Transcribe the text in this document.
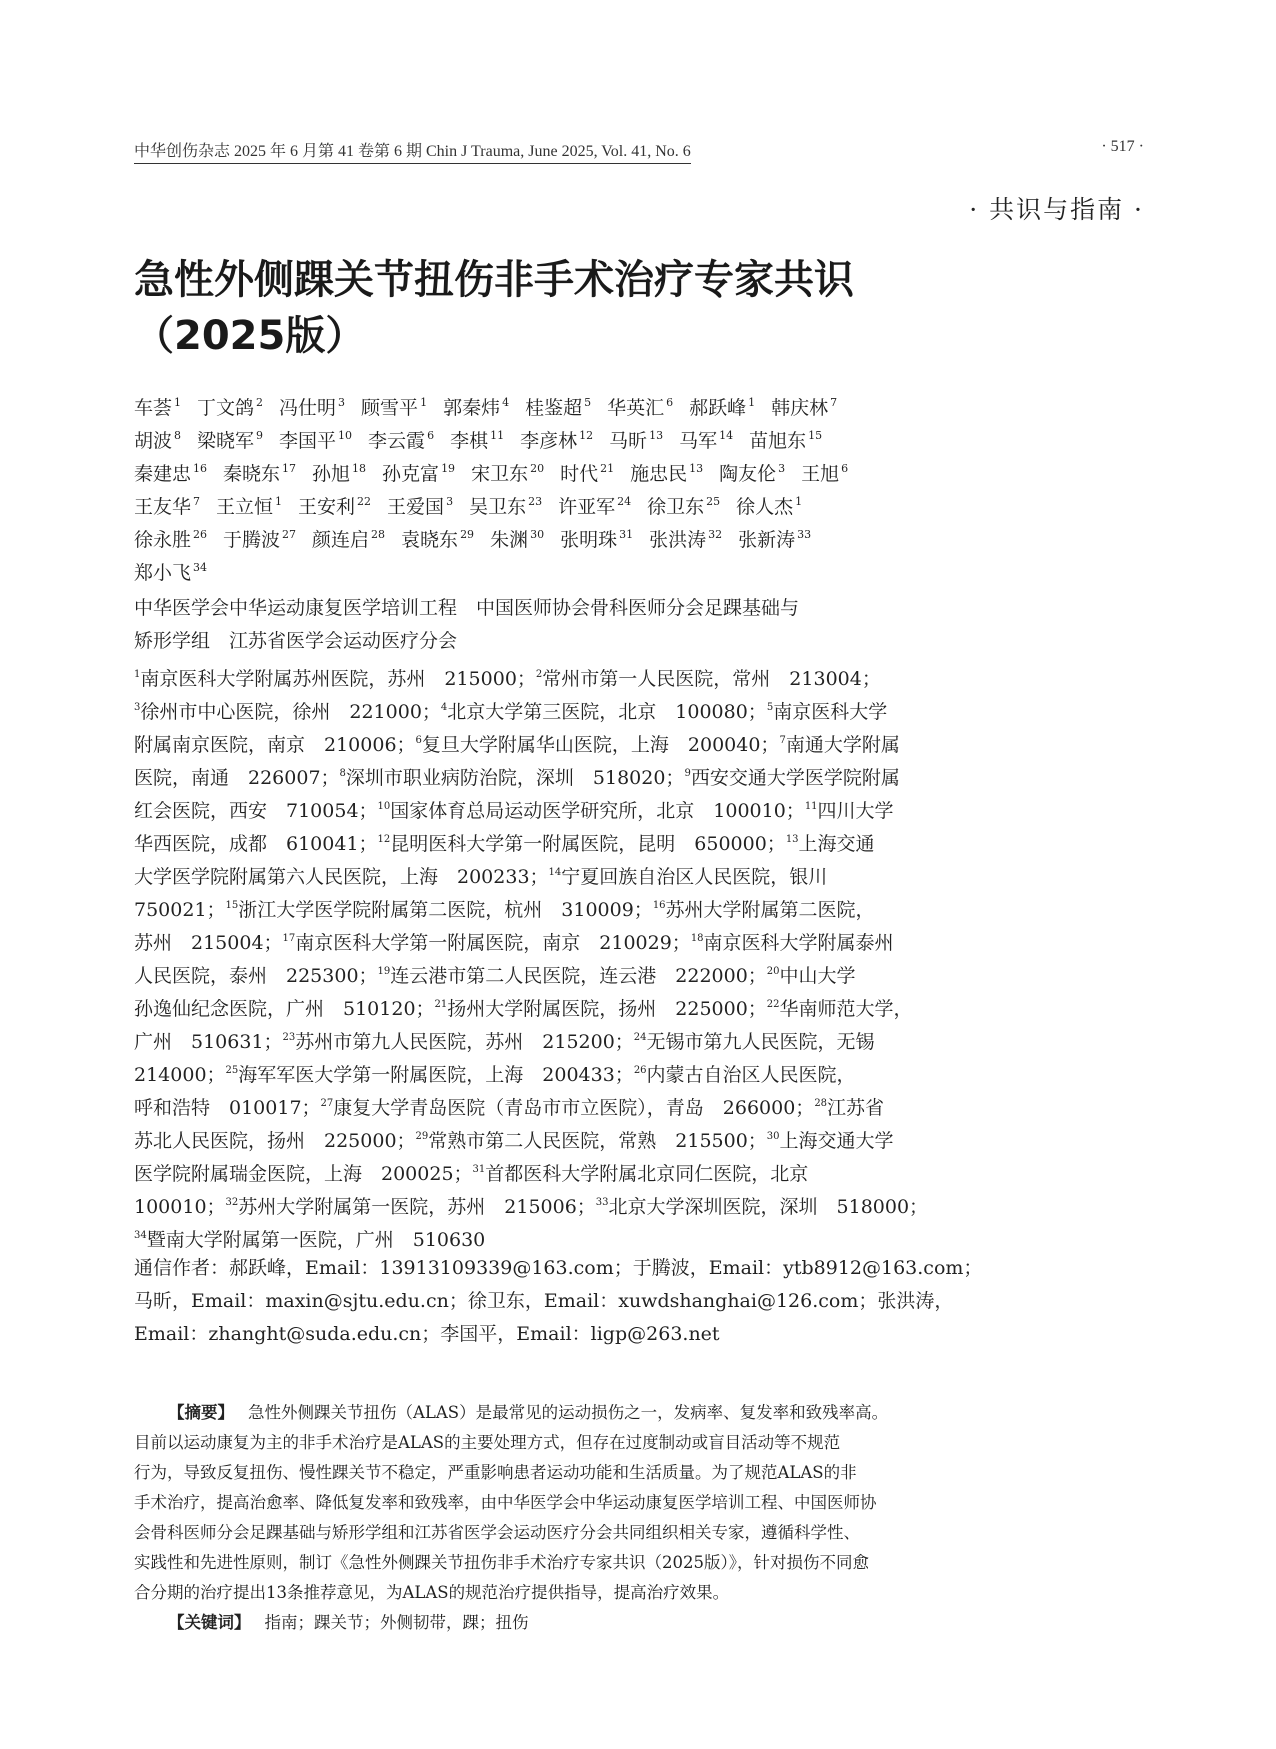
中华创伤杂志 2025 年 6 月第 41 卷第 6 期 Chin J Trauma, June 2025, Vol. 41, No. 6	· 517 ·
· 共识与指南 ·
急性外侧踝关节扭伤非手术治疗专家共识
（2025版）
车荟 $^1$ 丁文鸽 $^2$ 冯仕明 $^3$ 顾雪平 $^1$ 郭秦炜 $^4$ 桂鉴超 $^5$ 华英汇 $^6$ 郝跃峰 $^1$ 韩庆林 $^7$
胡波 $^8$ 梁晓军 $^9$ 李国平 $^{10}$ 李云霞 $^6$ 李棋 $^{11}$ 李彦林 $^{12}$ 马昕 $^{13}$ 马军 $^{14}$ 苗旭东 $^{15}$
秦建忠 $^{16}$ 秦晓东 $^{17}$ 孙旭 $^{18}$ 孙克富 $^{19}$ 宋卫东 $^{20}$ 时代 $^{21}$ 施忠民 $^{13}$ 陶友伦 $^3$ 王旭 $^6$
王友华 $^7$ 王立恒 $^1$ 王安利 $^{22}$ 王爱国 $^3$ 吴卫东 $^{23}$ 许亚军 $^{24}$ 徐卫东 $^{25}$ 徐人杰 $^1$
徐永胜 $^{26}$ 于腾波 $^{27}$ 颜连启 $^{28}$ 袁晓东 $^{29}$ 朱渊 $^{30}$ 张明珠 $^{31}$ 张洪涛 $^{32}$ 张新涛 $^{33}$
郑小飞 $^{34}$
中华医学会中华运动康复医学培训工程　中国医师协会骨科医师分会足踝基础与
矫形学组　江苏省医学会运动医疗分会
$^1$南京医科大学附属苏州医院，苏州　215000；$^2$常州市第一人民医院，常州　213004；
$^3$徐州市中心医院，徐州　221000；$^4$北京大学第三医院，北京　100080；$^5$南京医科大学
附属南京医院，南京　210006；$^6$复旦大学附属华山医院，上海　200040；$^7$南通大学附属
医院，南通　226007；$^8$深圳市职业病防治院，深圳　518020；$^9$西安交通大学医学院附属
红会医院，西安　710054；$^{10}$国家体育总局运动医学研究所，北京　100010；$^{11}$四川大学
华西医院，成都　610041；$^{12}$昆明医科大学第一附属医院，昆明　650000；$^{13}$上海交通
大学医学院附属第六人民医院，上海　200233；$^{14}$宁夏回族自治区人民医院，银川
750021；$^{15}$浙江大学医学院附属第二医院，杭州　310009；$^{16}$苏州大学附属第二医院，
苏州　215004；$^{17}$南京医科大学第一附属医院，南京　210029；$^{18}$南京医科大学附属泰州
人民医院，泰州　225300；$^{19}$连云港市第二人民医院，连云港　222000；$^{20}$中山大学
孙逸仙纪念医院，广州　510120；$^{21}$扬州大学附属医院，扬州　225000；$^{22}$华南师范大学，
广州　510631；$^{23}$苏州市第九人民医院，苏州　215200；$^{24}$无锡市第九人民医院，无锡
214000；$^{25}$海军军医大学第一附属医院，上海　200433；$^{26}$内蒙古自治区人民医院，
呼和浩特　010017；$^{27}$康复大学青岛医院（青岛市市立医院），青岛　266000；$^{28}$江苏省
苏北人民医院，扬州　225000；$^{29}$常熟市第二人民医院，常熟　215500；$^{30}$上海交通大学
医学院附属瑞金医院，上海　200025；$^{31}$首都医科大学附属北京同仁医院，北京
100010；$^{32}$苏州大学附属第一医院，苏州　215006；$^{33}$北京大学深圳医院，深圳　518000；
$^{34}$暨南大学附属第一医院，广州　510630
通信作者：郝跃峰，Email：13913109339@163.com；于腾波，Email：ytb8912@163.com；
马昕，Email：maxin@sjtu.edu.cn；徐卫东，Email：xuwdshanghai@126.com；张洪涛，
Email：zhanght@suda.edu.cn；李国平，Email：ligp@263.net
【摘要】 急性外侧踝关节扭伤（ALAS）是最常见的运动损伤之一，发病率、复发率和致残率高。
目前以运动康复为主的非手术治疗是ALAS的主要处理方式，但存在过度制动或盲目活动等不规范
行为，导致反复扭伤、慢性踝关节不稳定，严重影响患者运动功能和生活质量。为了规范ALAS的非
手术治疗，提高治愈率、降低复发率和致残率，由中华医学会中华运动康复医学培训工程、中国医师协
会骨科医师分会足踝基础与矫形学组和江苏省医学会运动医疗分会共同组织相关专家，遵循科学性、
实践性和先进性原则，制订《急性外侧踝关节扭伤非手术治疗专家共识（2025版）》，针对损伤不同愈
合分期的治疗提出13条推荐意见，为ALAS的规范治疗提供指导，提高治疗效果。
【关键词】 指南；踝关节；外侧韧带，踝；扭伤
